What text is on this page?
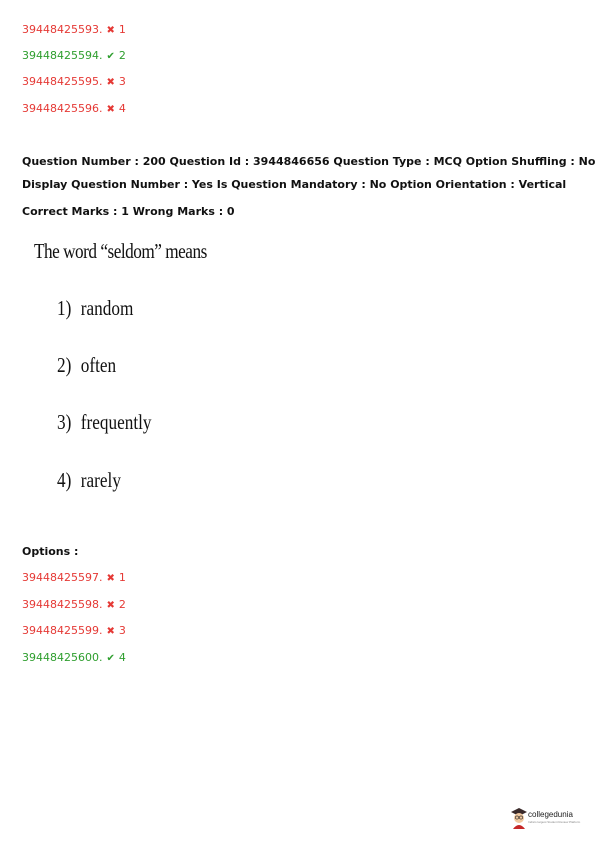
39448425593. ✖ 1
39448425594. ✔ 2
39448425595. ✖ 3
39448425596. ✖ 4
Question Number : 200 Question Id : 3944846656 Question Type : MCQ Option Shuffling : No
Display Question Number : Yes Is Question Mandatory : No Option Orientation : Vertical
Correct Marks : 1 Wrong Marks : 0
The word “seldom” means
1) random
2) often
3) frequently
4) rarely
Options :
39448425597. ✖ 1
39448425598. ✖ 2
39448425599. ✖ 3
39448425600. ✔ 4
collegedunia
India's largest Student Review Platform
